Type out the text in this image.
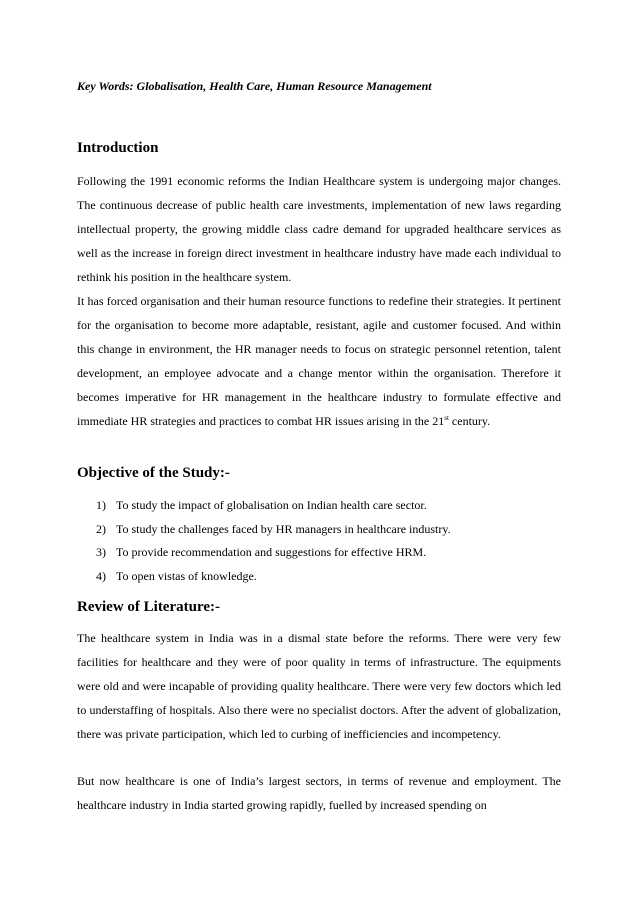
Key Words: Globalisation, Health Care, Human Resource Management
Introduction

Following the 1991 economic reforms the Indian Healthcare system is undergoing major changes. The continuous decrease of public health care investments, implementation of new laws regarding intellectual property, the growing middle class cadre demand for upgraded healthcare services as well as the increase in foreign direct investment in healthcare industry have made each individual to rethink his position in the healthcare system.

It has forced organisation and their human resource functions to redefine their strategies. It pertinent for the organisation to become more adaptable, resistant, agile and customer focused. And within this change in environment, the HR manager needs to focus on strategic personnel retention, talent development, an employee advocate and a change mentor within the organisation. Therefore it becomes imperative for HR management in the healthcare industry to formulate effective and immediate HR strategies and practices to combat HR issues arising in the 21st century.

Objective of the Study:-
1) To study the impact of globalisation on Indian health care sector.
2) To study the challenges faced by HR managers in healthcare industry.
3) To provide recommendation and suggestions for effective HRM.
4) To open vistas of knowledge.
Review of Literature:-

The healthcare system in India was in a dismal state before the reforms. There were very few facilities for healthcare and they were of poor quality in terms of infrastructure. The equipments were old and were incapable of providing quality healthcare. There were very few doctors which led to understaffing of hospitals. Also there were no specialist doctors. After the advent of globalization, there was private participation, which led to curbing of inefficiencies and incompetency.

But now healthcare is one of India’s largest sectors, in terms of revenue and employment. The healthcare industry in India started growing rapidly, fuelled by increased spending on
